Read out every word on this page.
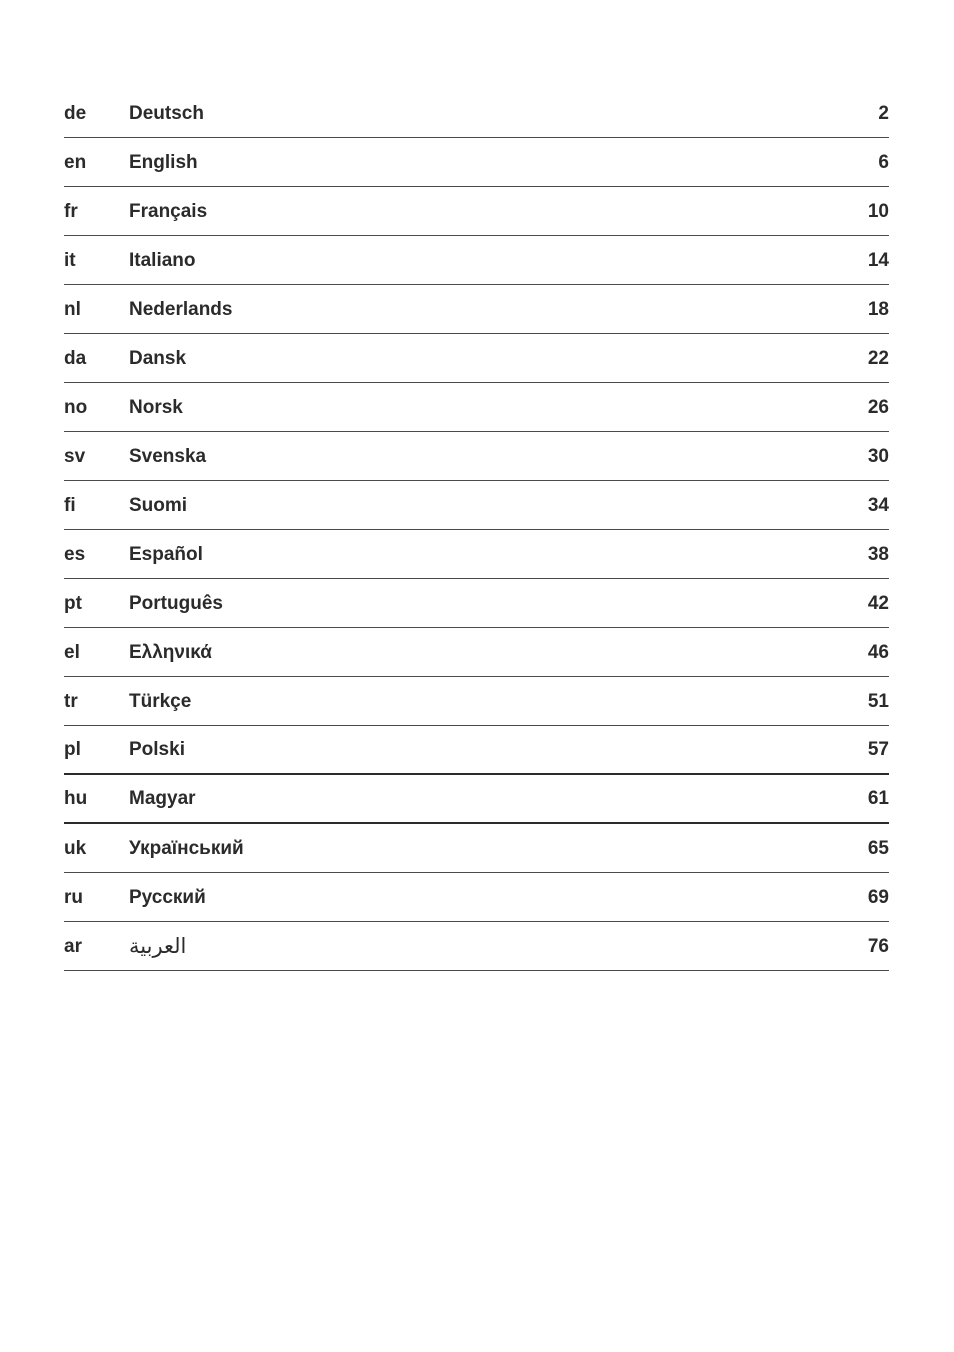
de	Deutsch	2
en	English	6
fr	Français	10
it	Italiano	14
nl	Nederlands	18
da	Dansk	22
no	Norsk	26
sv	Svenska	30
fi	Suomi	34
es	Español	38
pt	Português	42
el	Ελληνικά	46
tr	Türkçe	51
pl	Polski	57
hu	Magyar	61
uk	Український	65
ru	Русский	69
ar	العربية	76
